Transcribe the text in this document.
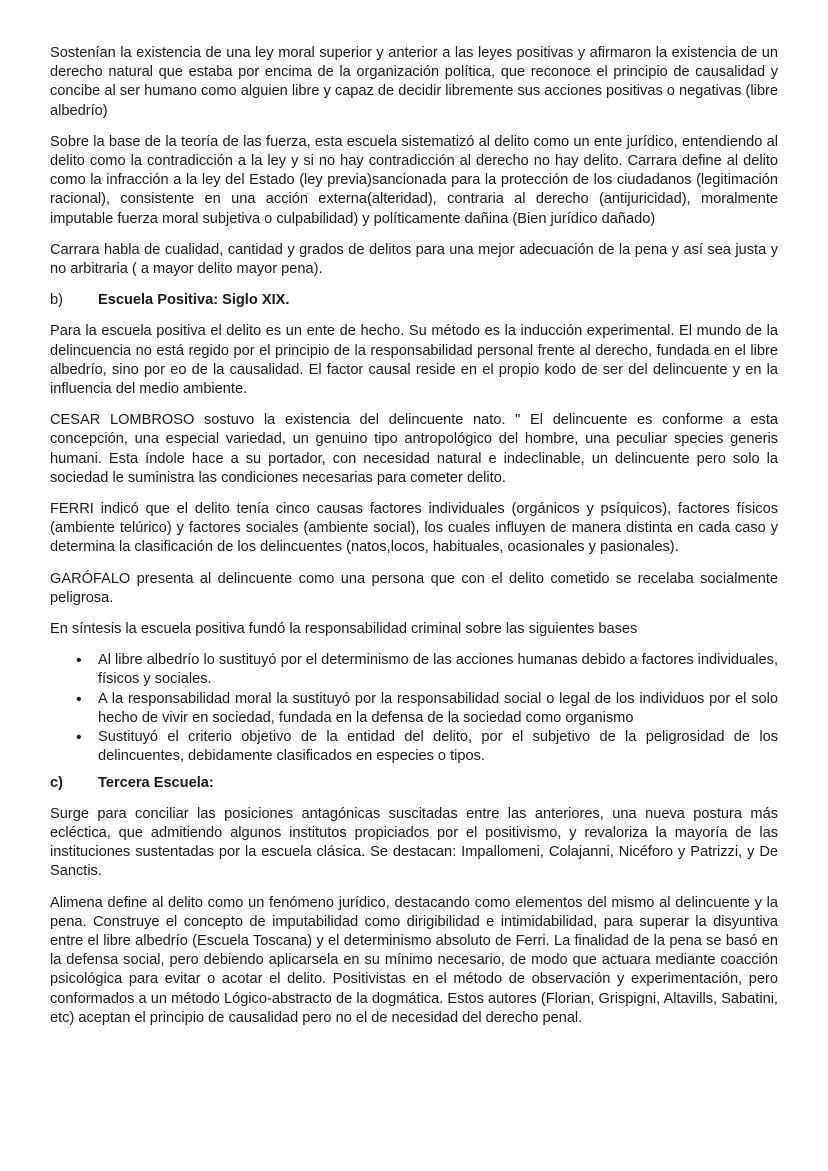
Sostenían la existencia de una ley moral superior y anterior a las leyes positivas y afirmaron la existencia de un derecho natural que estaba por encima de la organización política, que reconoce el principio de causalidad y concibe al ser humano como alguien libre y capaz de decidir libremente sus acciones positivas o negativas (libre albedrío)

Sobre la base de la teoría de las fuerza, esta escuela sistematizó al delito como un ente jurídico, entendiendo al delito como la contradicción a la ley y si no hay contradicción al derecho no hay delito. Carrara define al delito como la infracción a la ley del Estado (ley previa)sancionada para la protección de los ciudadanos (legitimación racional), consistente en una acción externa(alteridad), contraria al derecho (antijuricidad), moralmente imputable fuerza moral subjetiva o culpabilidad) y políticamente dañina (Bien jurídico dañado)

Carrara habla de cualidad, cantidad y grados de delitos para una mejor adecuación de la pena y así sea justa y no arbitraria ( a mayor delito mayor pena).

b)	Escuela Positiva: Siglo XIX.

Para la escuela positiva el delito es un ente de hecho. Su método es la inducción experimental. El mundo de la delincuencia no está regido por el principio de la responsabilidad personal frente al derecho, fundada en el libre albedrío, sino por eo de la causalidad. El factor causal reside en el propio kodo de ser del delincuente y en la influencia del medio ambiente.

CESAR LOMBROSO sostuvo la existencia del delincuente nato. " El delincuente es conforme a esta concepción, una especial variedad, un genuino tipo antropológico del hombre, una peculiar species generis humani. Esta índole hace a su portador, con necesidad natural e indeclinable, un delincuente pero solo la sociedad le suministra las condiciones necesarias para cometer delito.

FERRI indicó que el delito tenía cinco causas factores individuales (orgánicos y psíquicos), factores físicos (ambiente telúrico) y factores sociales (ambiente social), los cuales influyen de manera distinta en cada caso y determina la clasificación de los delincuentes (natos,locos, habituales, ocasionales y pasionales).

GARÓFALO presenta al delincuente como una persona que con el delito cometido se recelaba socialmente peligrosa.

En síntesis la escuela positiva fundó la responsabilidad criminal sobre las siguientes bases

• Al libre albedrío lo sustituyó por el determinismo de las acciones humanas debido a factores individuales, físicos y sociales.
• A la responsabilidad moral la sustituyó por la responsabilidad social o legal de los individuos por el solo hecho de vivir en sociedad, fundada en la defensa de la sociedad como organismo
• Sustituyó el criterio objetivo de la entidad del delito, por el subjetivo de la peligrosidad de los delincuentes, debidamente clasificados en especies o tipos.
c)	Tercera Escuela:

Surge para conciliar las posiciones antagónicas suscitadas entre las anteriores, una nueva postura más ecléctica, que admitiendo algunos institutos propiciados por el positivismo, y revaloriza la mayoría de las instituciones sustentadas por la escuela clásica. Se destacan: Impallomeni, Colajanni, Nicéforo y Patrizzi, y De Sanctis.

Alimena define al delito como un fenómeno jurídico, destacando como elementos del mismo al delincuente y la pena. Construye el concepto de imputabilidad como dirigibilidad e intimidabilidad, para superar la disyuntiva entre el libre albedrío (Escuela Toscana) y el determinismo absoluto de Ferri. La finalidad de la pena se basó en la defensa social, pero debiendo aplicarsela en su mínimo necesario, de modo que actuara mediante coacción psicológica para evitar o acotar el delito. Positivistas en el método de observación y experimentación, pero conformados a un método Lógico-abstracto de la dogmática. Estos autores (Florian, Grispigni, Altavills, Sabatini, etc) aceptan el principio de causalidad pero no el de necesidad del derecho penal.
